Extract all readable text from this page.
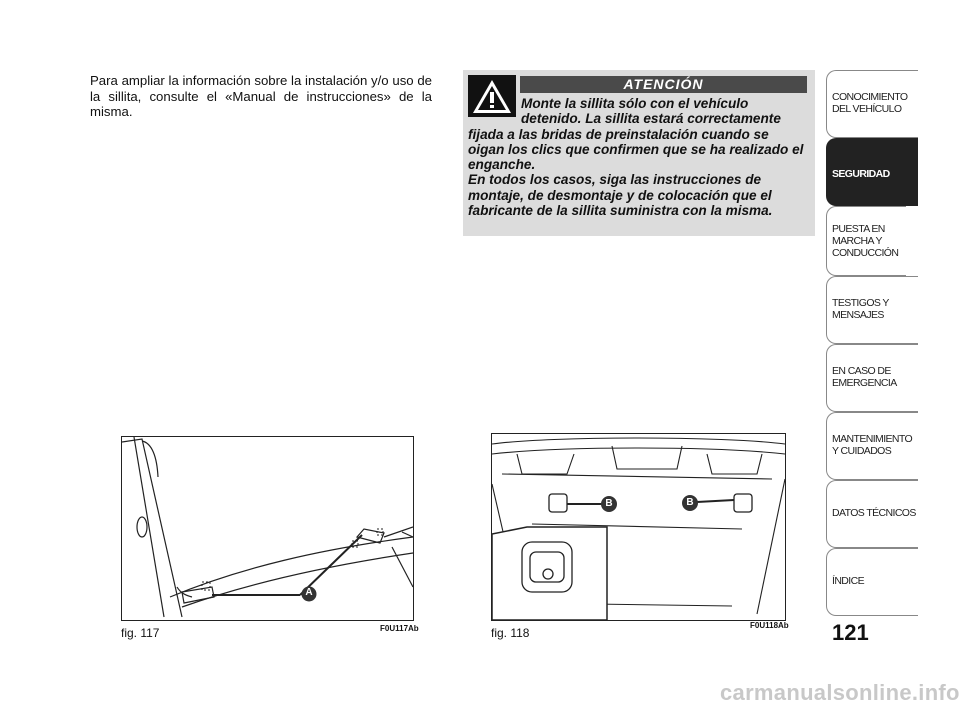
Para ampliar la información sobre la instalación y/o uso de la sillita, consulte el «Manual de instrucciones» de la misma.
ATENCIÓN
Monte la sillita sólo con el vehículo detenido. La sillita estará correctamente
fijada a las bridas de preinstalación cuando se oigan los clics que confirmen que se ha realizado el enganche.
En todos los casos, siga las instrucciones de montaje, de desmontaje y de colocación que el fabricante de la sillita suministra con la misma.
A
fig. 117	F0U117Ab
B	B
fig. 118
F0U118Ab
CONOCIMIENTO DEL VEHÍCULO
SEGURIDAD
PUESTA EN MARCHA Y CONDUCCIÓN
TESTIGOS Y MENSAJES
EN CASO DE EMERGENCIA
MANTENIMIENTO Y CUIDADOS
DATOS TÉCNICOS
ÍNDICE
121
carmanualsonline.info
